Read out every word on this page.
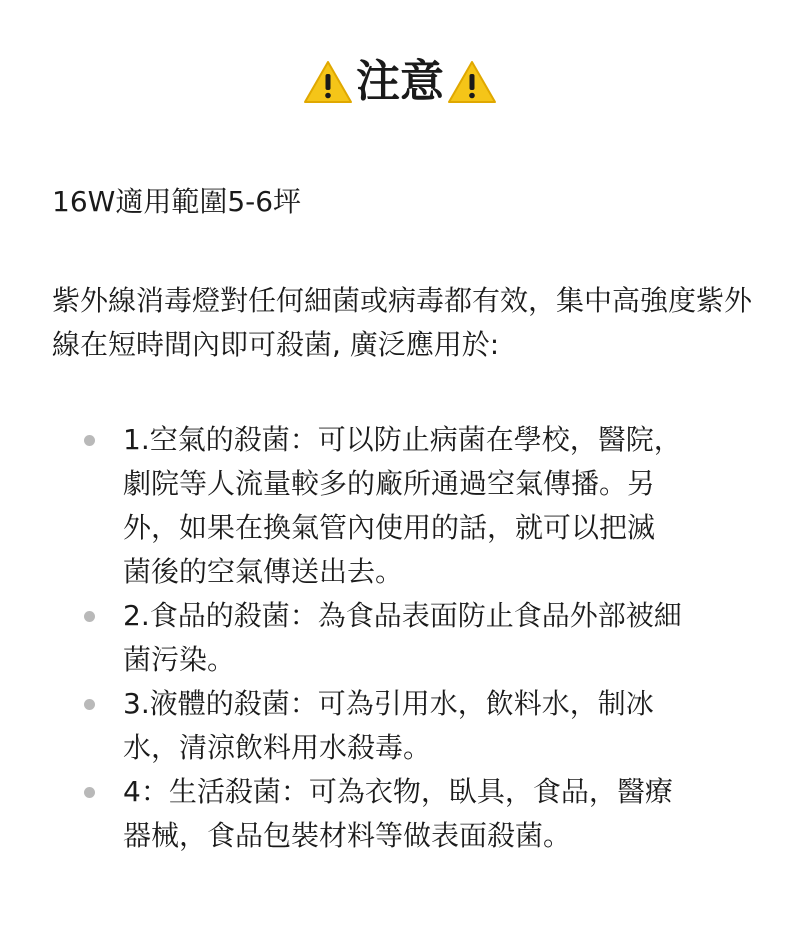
注意

16W適用範圍5-6坪

紫外線消毒燈對任何細菌或病毒都有效，集中高強度紫外線在短時間內即可殺菌, 廣泛應用於:

1.空氣的殺菌：可以防止病菌在學校，醫院，
劇院等人流量較多的廠所通過空氣傳播。另
外，如果在換氣管內使用的話，就可以把滅
菌後的空氣傳送出去。
2.食品的殺菌：為食品表面防止食品外部被細
菌污染。
3.液體的殺菌：可為引用水，飲料水，制冰
水，清涼飲料用水殺毒。
4：生活殺菌：可為衣物，臥具，食品，醫療
器械，食品包裝材料等做表面殺菌。
